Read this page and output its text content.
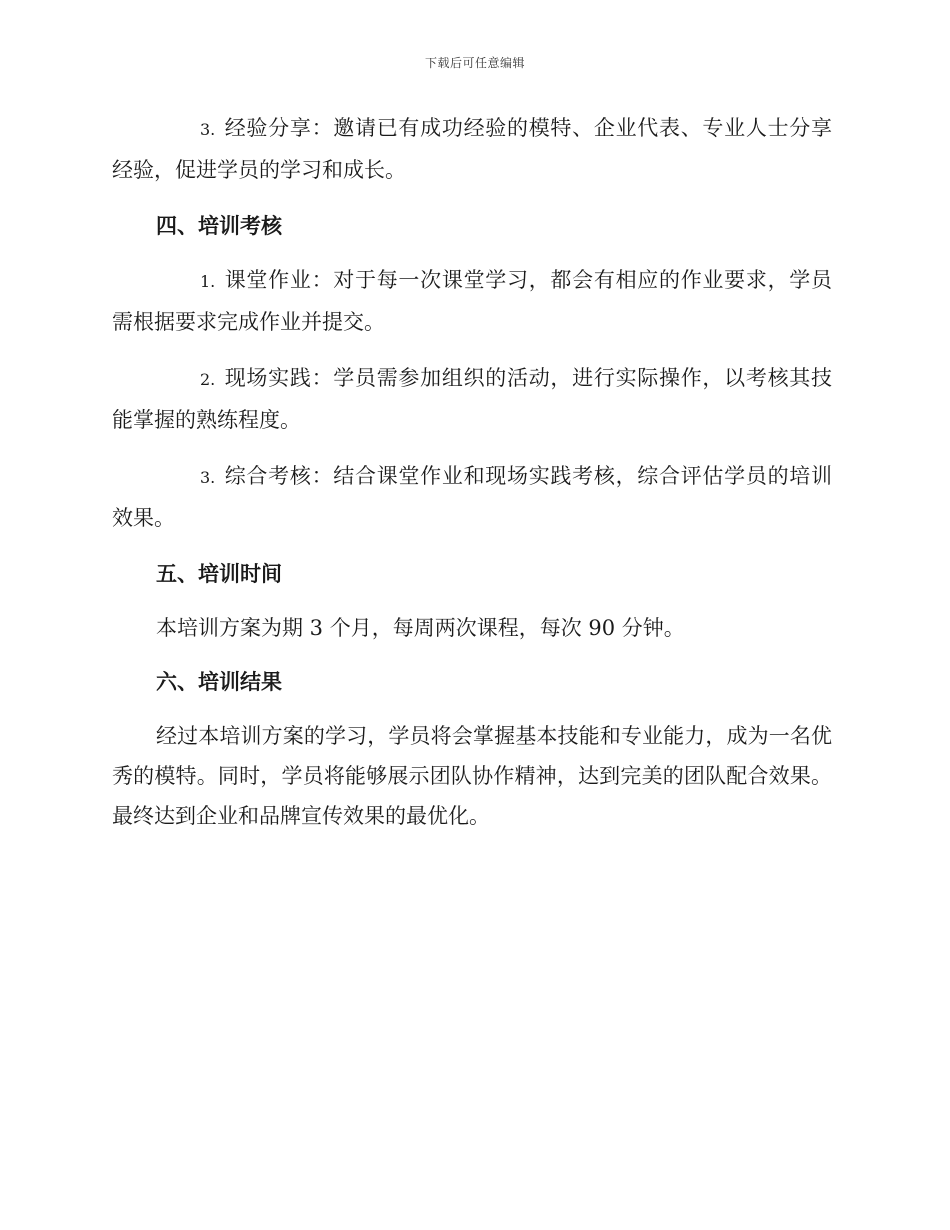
下载后可任意编辑

3. 经验分享：邀请已有成功经验的模特、企业代表、专业人士分享经验，促进学员的学习和成长。

四、培训考核

1. 课堂作业：对于每一次课堂学习，都会有相应的作业要求，学员需根据要求完成作业并提交。

2. 现场实践：学员需参加组织的活动，进行实际操作，以考核其技能掌握的熟练程度。

3. 综合考核：结合课堂作业和现场实践考核，综合评估学员的培训效果。

五、培训时间

本培训方案为期 3 个月，每周两次课程，每次 90 分钟。

六、培训结果

经过本培训方案的学习，学员将会掌握基本技能和专业能力，成为一名优秀的模特。同时，学员将能够展示团队协作精神，达到完美的团队配合效果。最终达到企业和品牌宣传效果的最优化。
